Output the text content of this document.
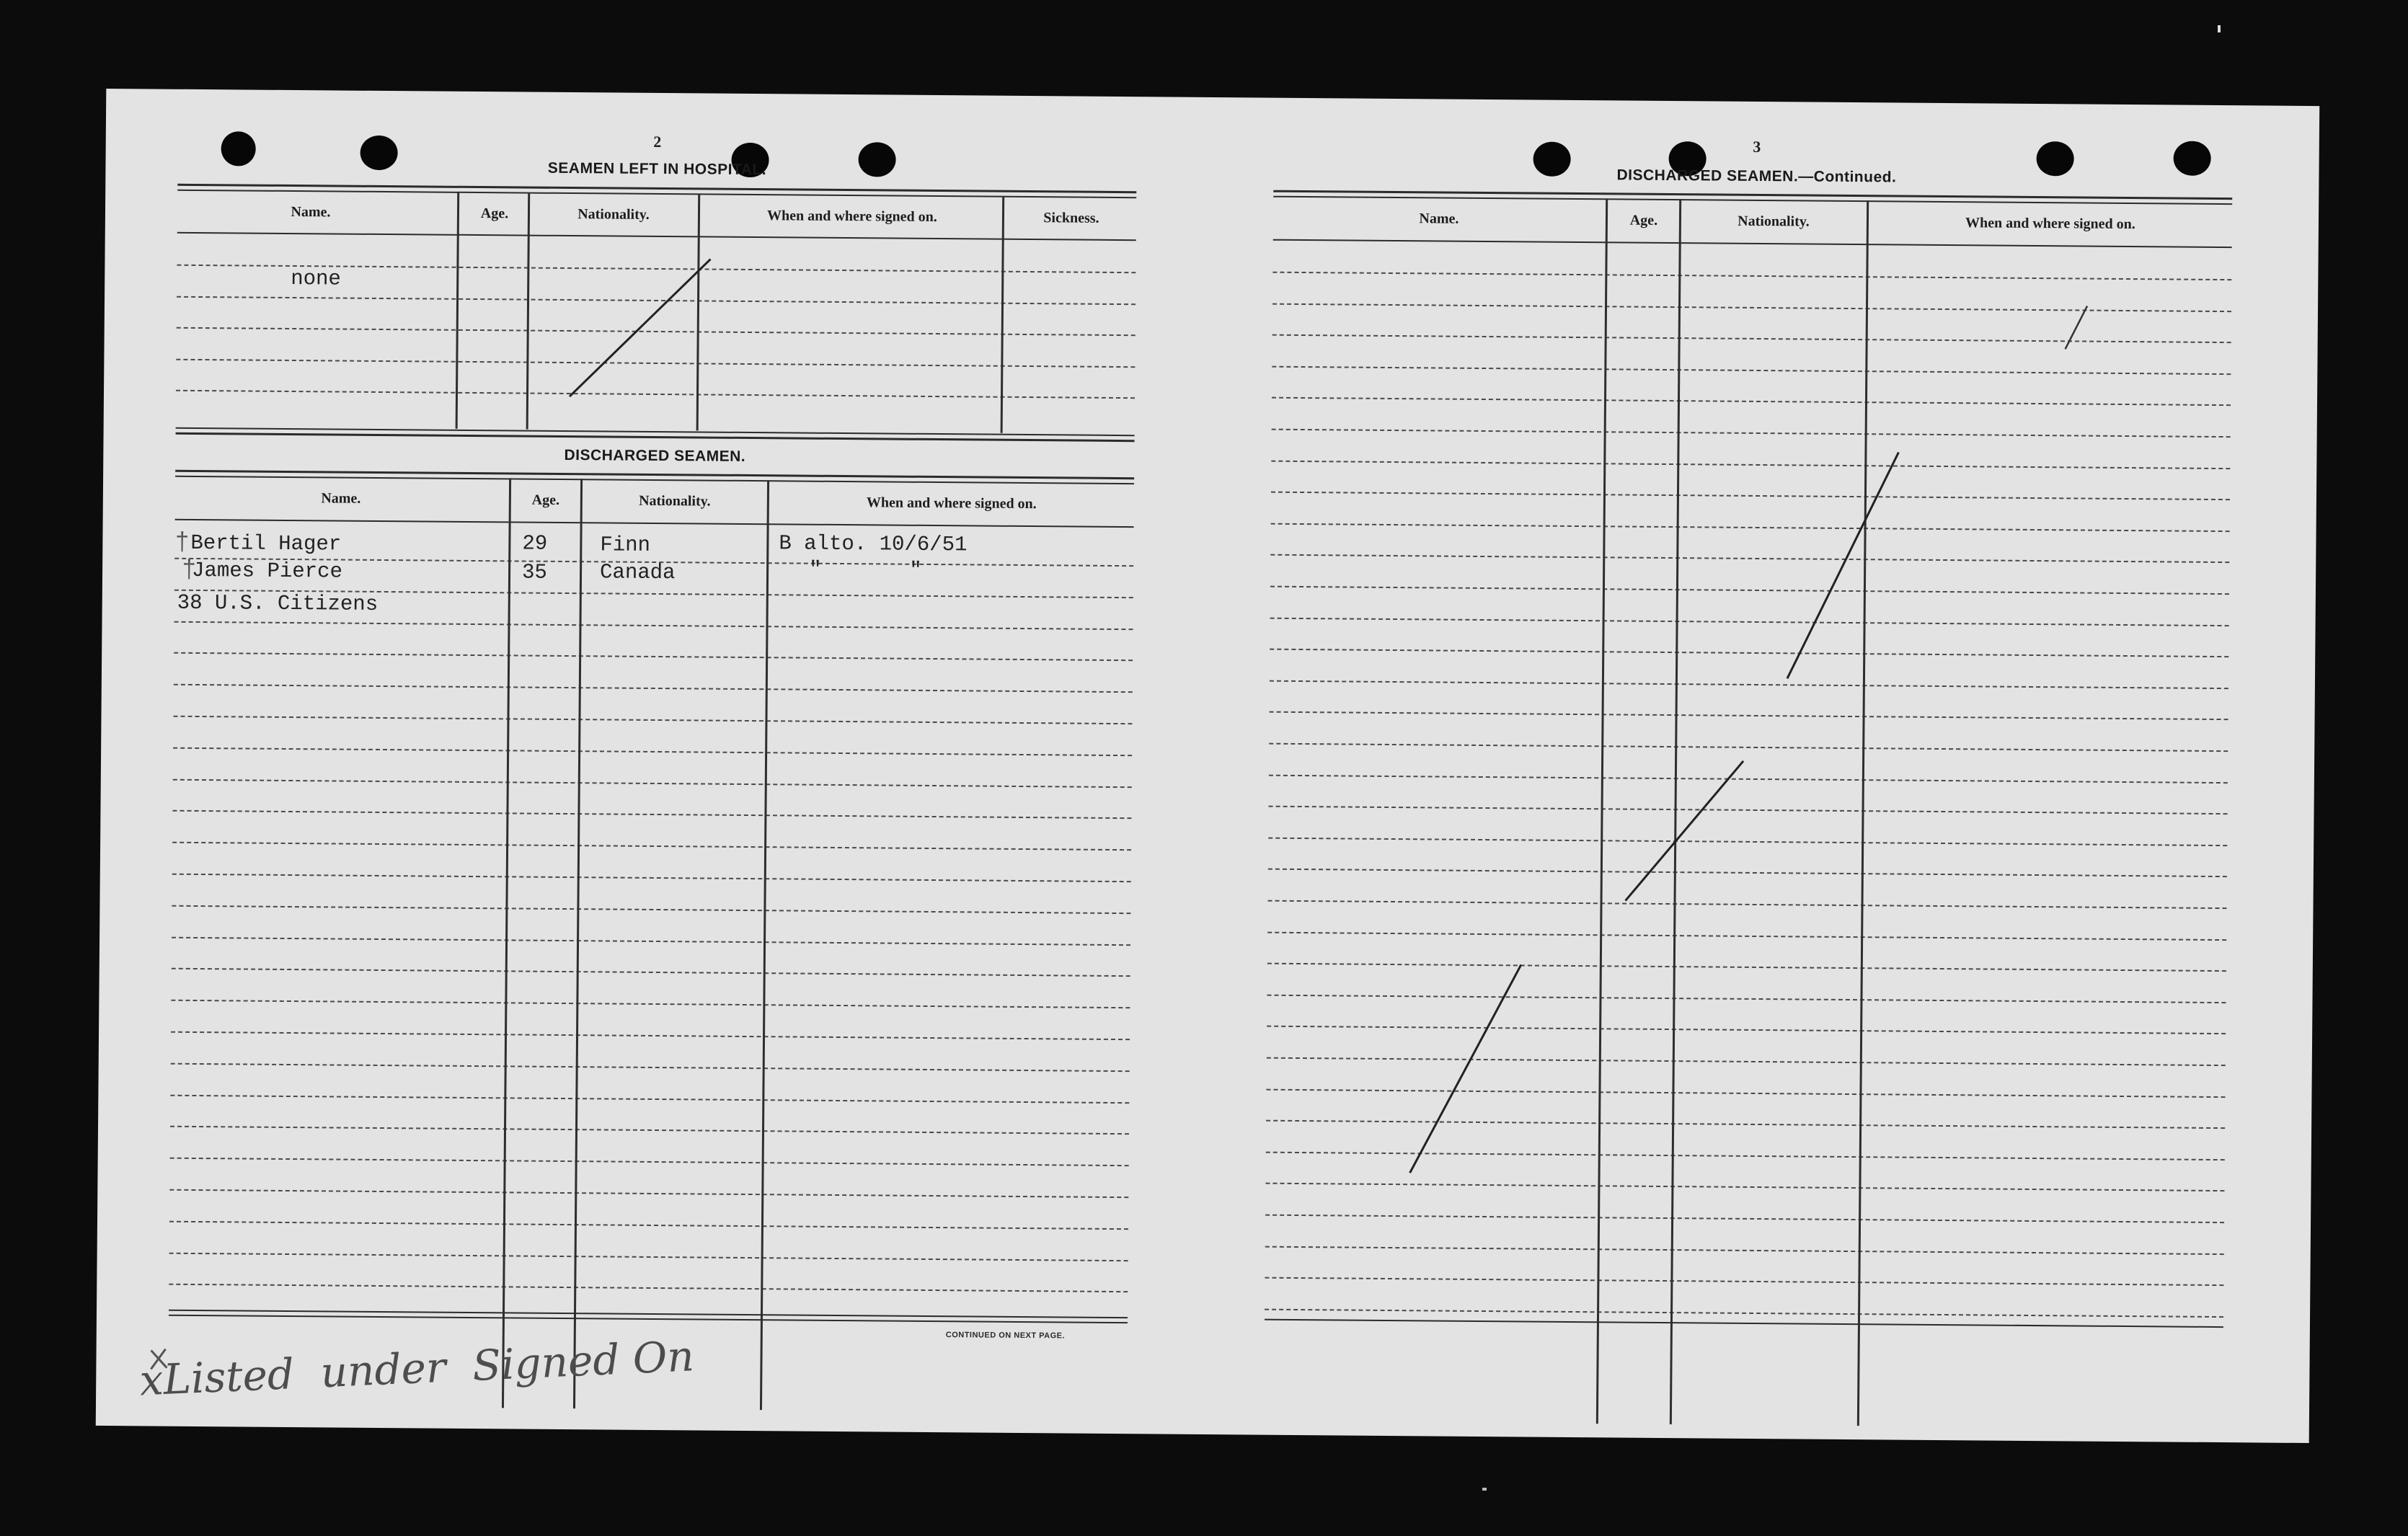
2
SEAMEN LEFT IN HOSPITAL.
Name.	Age.	Nationality.	When and where signed on.	Sickness.
none
DISCHARGED SEAMEN.
Name.	Age.	Nationality.	When and where signed on.
† Bertil Hager	29	Finn	B alto. 10/6/51
†
James Pierce	35	Canada	"       "
38 U.S. Citizens
CONTINUED ON NEXT PAGE.
xListed  under  Signed On
3
DISCHARGED SEAMEN.—Continued.
Name.	Age.	Nationality.	When and where signed on.
